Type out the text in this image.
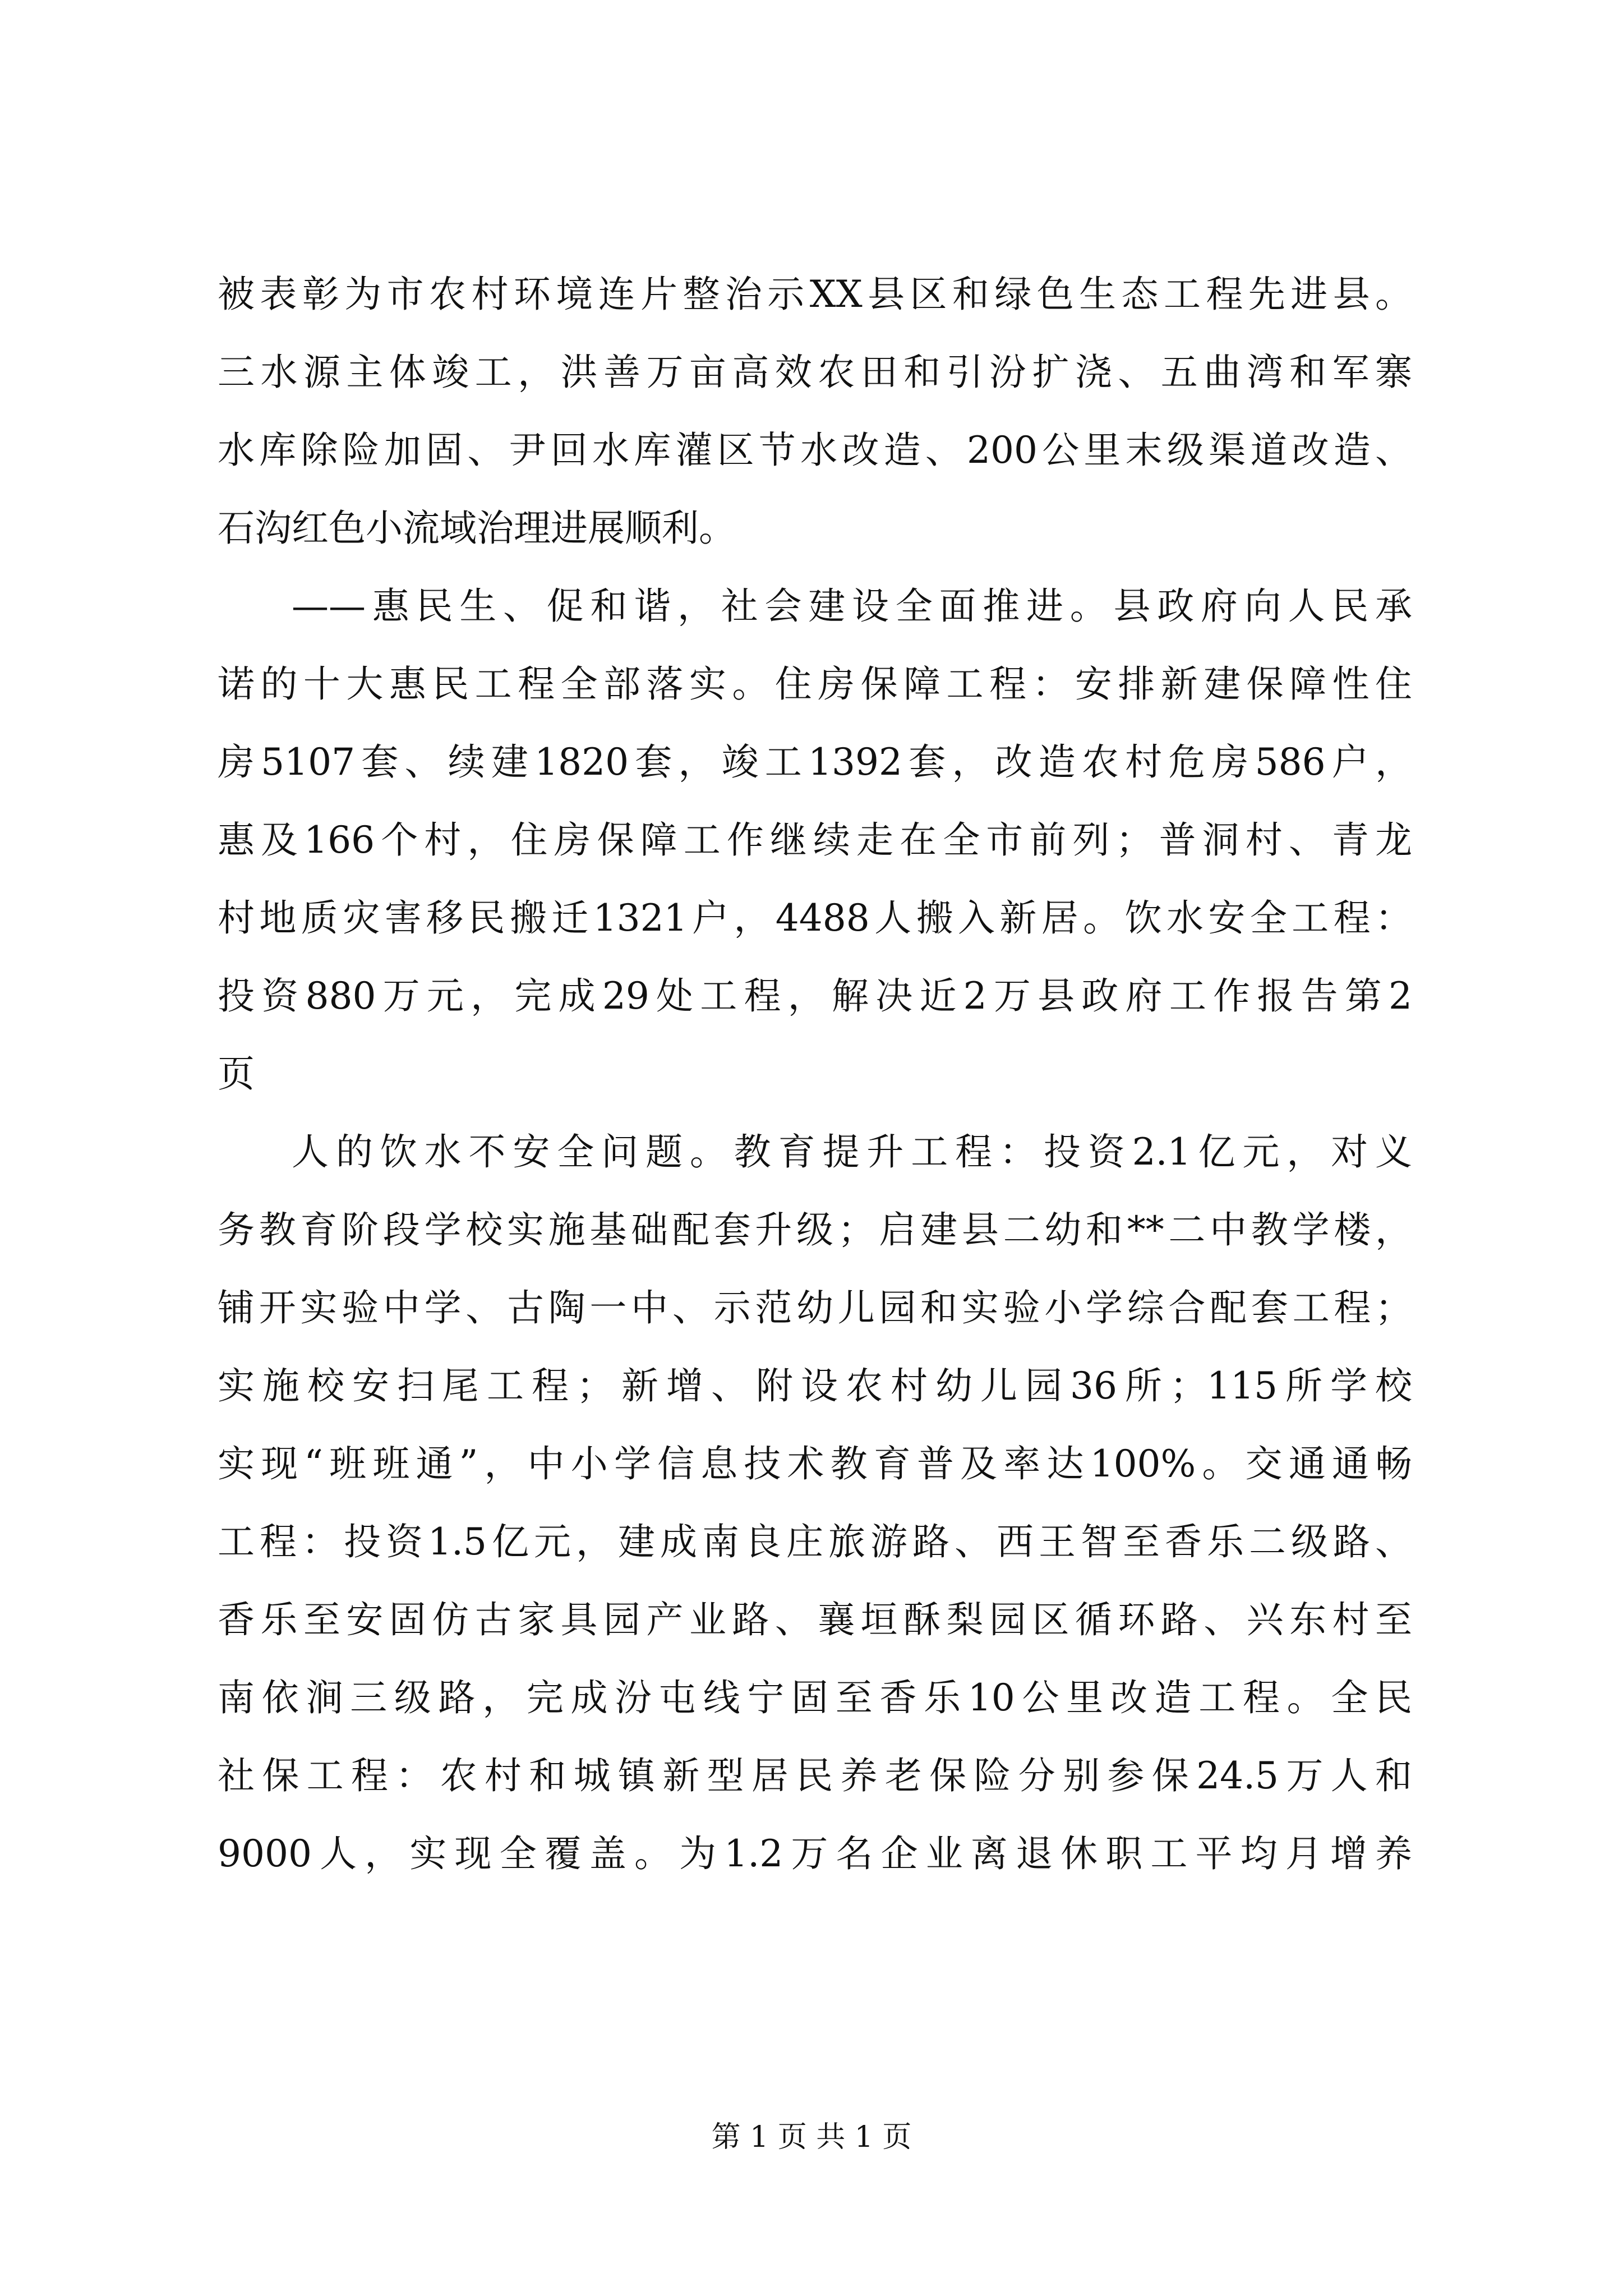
被表彰为市农村环境连片整治示XX县区和绿色生态工程先进县。
三水源主体竣工，洪善万亩高效农田和引汾扩浇、五曲湾和军寨
水库除险加固、尹回水库灌区节水改造、200公里末级渠道改造、
石沟红色小流域治理进展顺利。
——惠民生、促和谐，社会建设全面推进。县政府向人民承
诺的十大惠民工程全部落实。住房保障工程：安排新建保障性住
房5107套、续建1820套，竣工1392套，改造农村危房586户，
惠及166个村，住房保障工作继续走在全市前列；普洞村、青龙
村地质灾害移民搬迁1321户，4488人搬入新居。饮水安全工程：
投资880万元，完成29处工程，解决近2万县政府工作报告第2
页
人的饮水不安全问题。教育提升工程：投资2.1亿元，对义
务教育阶段学校实施基础配套升级；启建县二幼和**二中教学楼，
铺开实验中学、古陶一中、示范幼儿园和实验小学综合配套工程；
实施校安扫尾工程；新增、附设农村幼儿园36所；115所学校
实现“班班通”，中小学信息技术教育普及率达100%。交通通畅
工程：投资1.5亿元，建成南良庄旅游路、西王智至香乐二级路、
香乐至安固仿古家具园产业路、襄垣酥梨园区循环路、兴东村至
南依涧三级路，完成汾屯线宁固至香乐10公里改造工程。全民
社保工程：农村和城镇新型居民养老保险分别参保24.5万人和
9000人，实现全覆盖。为1.2万名企业离退休职工平均月增养
第 1 页 共 1 页
